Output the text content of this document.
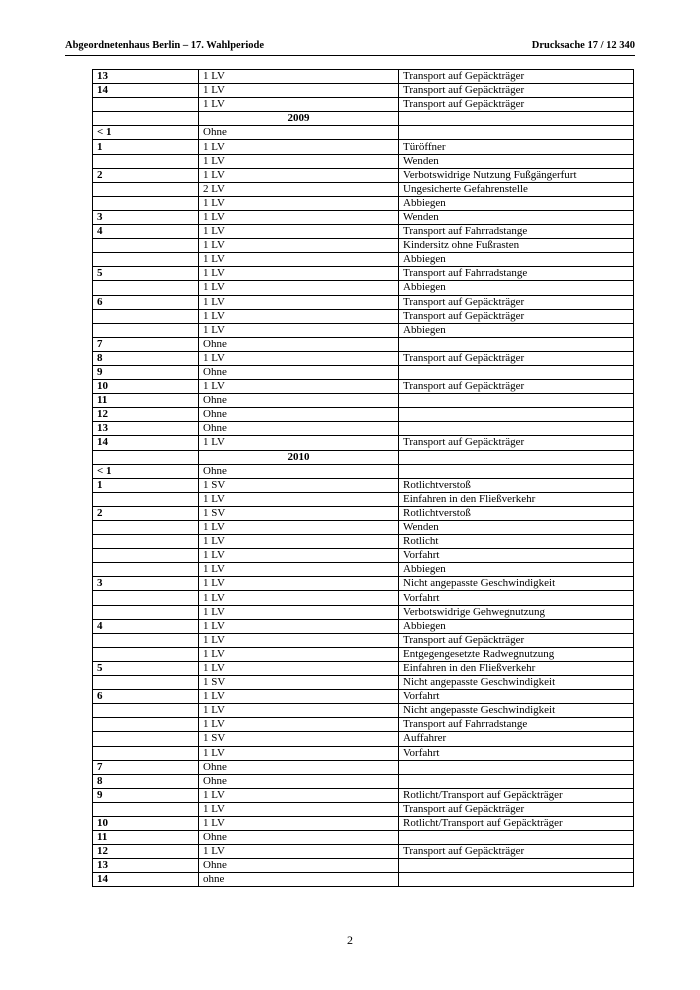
Abgeordnetenhaus Berlin – 17. Wahlperiode	Drucksache 17 / 12 340
13	1 LV	Transport auf Gepäckträger
14	1 LV	Transport auf Gepäckträger
	1 LV	Transport auf Gepäckträger
	2009	
< 1	Ohne	
1	1 LV	Türöffner
	1 LV	Wenden
2	1 LV	Verbotswidrige Nutzung Fußgängerfurt
	2 LV	Ungesicherte Gefahrenstelle
	1 LV	Abbiegen
3	1 LV	Wenden
4	1 LV	Transport auf Fahrradstange
	1 LV	Kindersitz ohne Fußrasten
	1 LV	Abbiegen
5	1 LV	Transport auf Fahrradstange
	1 LV	Abbiegen
6	1 LV	Transport auf Gepäckträger
	1 LV	Transport auf Gepäckträger
	1 LV	Abbiegen
7	Ohne	
8	1 LV	Transport auf Gepäckträger
9	Ohne	
10	1 LV	Transport auf Gepäckträger
11	Ohne	
12	Ohne	
13	Ohne	
14	1 LV	Transport auf Gepäckträger
	2010	
< 1	Ohne	
1	1 SV	Rotlichtverstoß
	1 LV	Einfahren in den Fließverkehr
2	1 SV	Rotlichtverstoß
	1 LV	Wenden
	1 LV	Rotlicht
	1 LV	Vorfahrt
	1 LV	Abbiegen
3	1 LV	Nicht angepasste Geschwindigkeit
	1 LV	Vorfahrt
	1 LV	Verbotswidrige Gehwegnutzung
4	1 LV	Abbiegen
	1 LV	Transport auf Gepäckträger
	1 LV	Entgegengesetzte Radwegnutzung
5	1 LV	Einfahren in den Fließverkehr
	1 SV	Nicht angepasste Geschwindigkeit
6	1 LV	Vorfahrt
	1 LV	Nicht angepasste Geschwindigkeit
	1 LV	Transport auf Fahrradstange
	1 SV	Auffahrer
	1 LV	Vorfahrt
7	Ohne	
8	Ohne	
9	1 LV	Rotlicht/Transport auf Gepäckträger
	1 LV	Transport auf Gepäckträger
10	1 LV	Rotlicht/Transport auf Gepäckträger
11	Ohne	
12	1 LV	Transport auf Gepäckträger
13	Ohne	
14	ohne	
2
